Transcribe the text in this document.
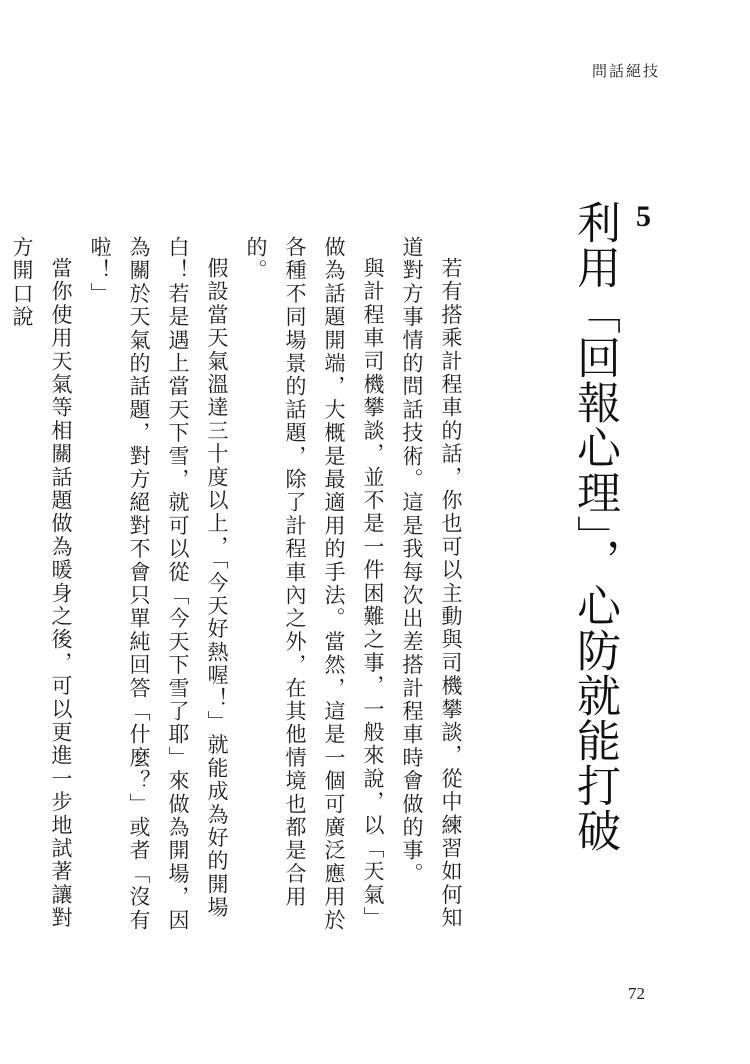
問話絕技
5
利用「回報心理」，心防就能打破

若有搭乘計程車的話，你也可以主動與司機攀談，從中練習如何知道對方事情的問話技術。這是我每次出差搭計程車時會做的事。

與計程車司機攀談，並不是一件困難之事，一般來說，以「天氣」做為話題開端，大概是最適用的手法。當然，這是一個可廣泛應用於各種不同場景的話題，除了計程車內之外，在其他情境也都是合用的。

假設當天氣溫達三十度以上，「今天好熱喔！」就能成為好的開場白！若是遇上當天下雪，就可以從「今天下雪了耶」來做為開場，因為關於天氣的話題，對方絕對不會只單純回答「什麼？」或者「沒有啦！」

當你使用天氣等相關話題做為暖身之後，可以更進一步地試著讓對方開口說

72
